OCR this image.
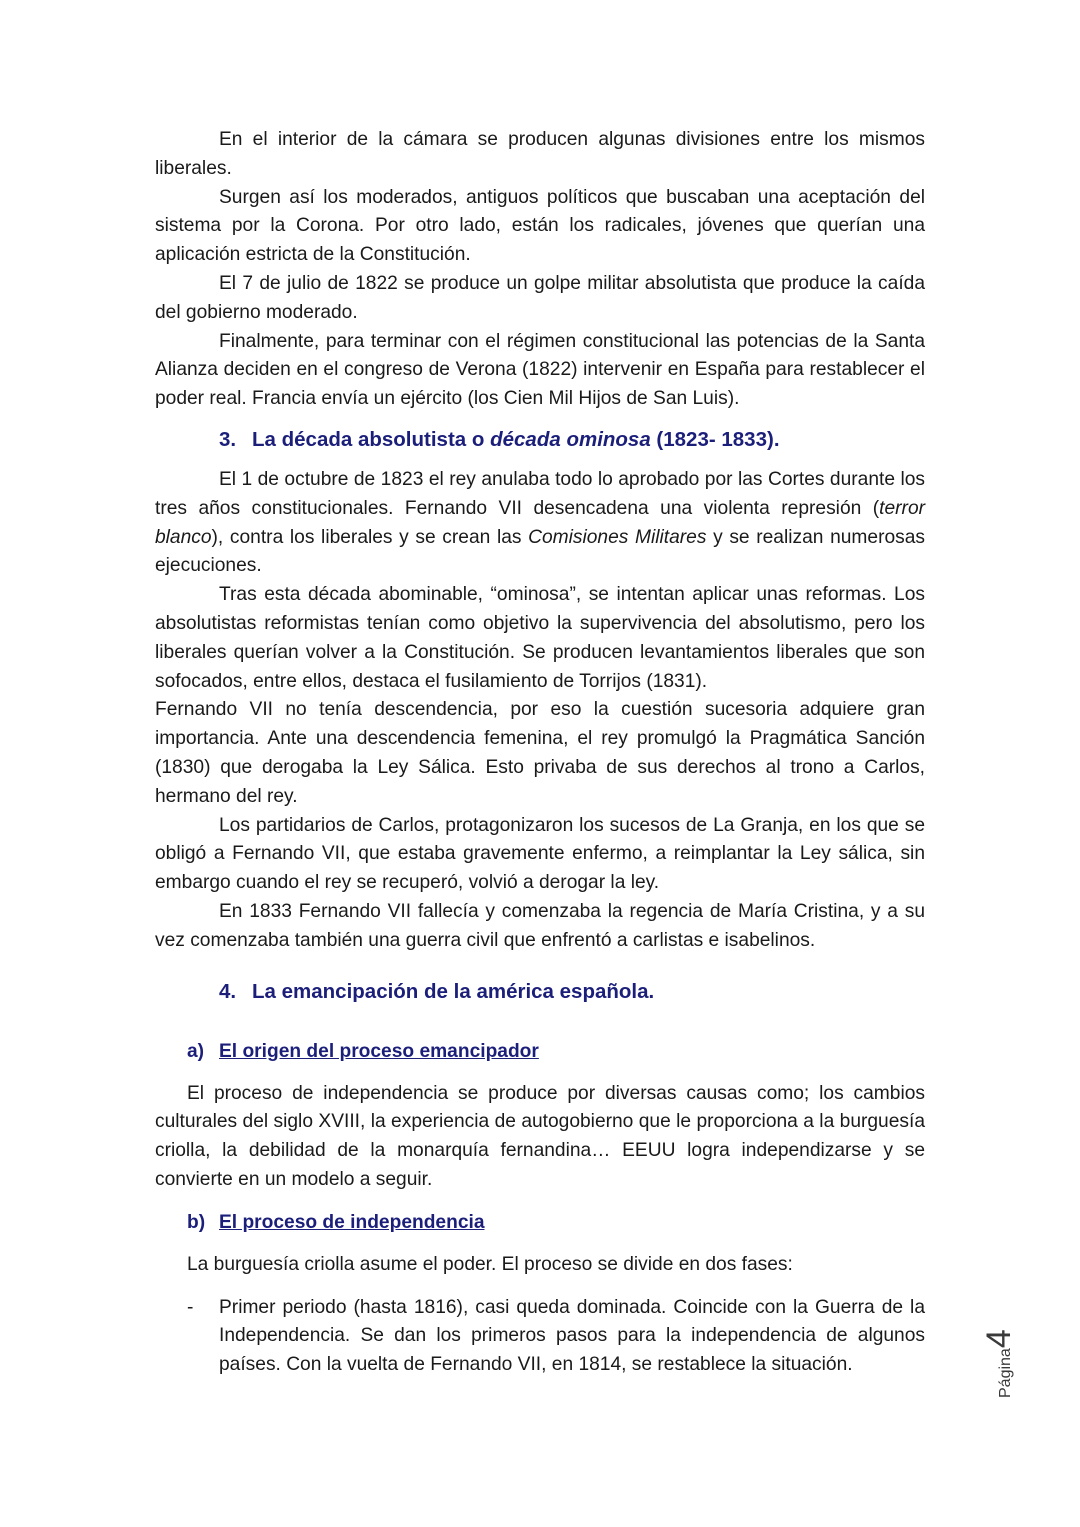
En el interior de la cámara se producen algunas divisiones entre los mismos liberales.

Surgen así los moderados, antiguos políticos que buscaban una aceptación del sistema por la Corona. Por otro lado, están los radicales, jóvenes que querían una aplicación estricta de la Constitución.

El 7 de julio de 1822 se produce un golpe militar absolutista que produce la caída del gobierno moderado.

Finalmente, para terminar con el régimen constitucional las potencias de la Santa Alianza deciden en el congreso de Verona (1822) intervenir en España para restablecer el poder real. Francia envía un ejército (los Cien Mil Hijos de San Luis).

3. La década absolutista o década ominosa (1823- 1833).

El 1 de octubre de 1823 el rey anulaba todo lo aprobado por las Cortes durante los tres años constitucionales. Fernando VII desencadena una violenta represión (terror blanco), contra los liberales y se crean las Comisiones Militares y se realizan numerosas ejecuciones.

Tras esta década abominable, “ominosa”, se intentan aplicar unas reformas. Los absolutistas reformistas tenían como objetivo la supervivencia del absolutismo, pero los liberales querían volver a la Constitución. Se producen levantamientos liberales que son sofocados, entre ellos, destaca el fusilamiento de Torrijos (1831).

Fernando VII no tenía descendencia, por eso la cuestión sucesoria adquiere gran importancia. Ante una descendencia femenina, el rey promulgó la Pragmática Sanción (1830) que derogaba la Ley Sálica. Esto privaba de sus derechos al trono a Carlos, hermano del rey.

Los partidarios de Carlos, protagonizaron los sucesos de La Granja, en los que se obligó a Fernando VII, que estaba gravemente enfermo, a reimplantar la Ley sálica, sin embargo cuando el rey se recuperó, volvió a derogar la ley.

En 1833 Fernando VII fallecía y comenzaba la regencia de María Cristina, y a su vez comenzaba también una guerra civil que enfrentó a carlistas e isabelinos.

4. La emancipación de la américa española.
a) El origen del proceso emancipador

El proceso de independencia se produce por diversas causas como; los cambios culturales del siglo XVIII, la experiencia de autogobierno que le proporciona a la burguesía criolla, la debilidad de la monarquía fernandina… EEUU logra independizarse y se convierte en un modelo a seguir.

b) El proceso de independencia

La burguesía criolla asume el poder. El proceso se divide en dos fases:

- Primer periodo (hasta 1816), casi queda dominada. Coincide con la Guerra de la Independencia. Se dan los primeros pasos para la independencia de algunos países. Con la vuelta de Fernando VII, en 1814, se restablece la situación.	Página4
